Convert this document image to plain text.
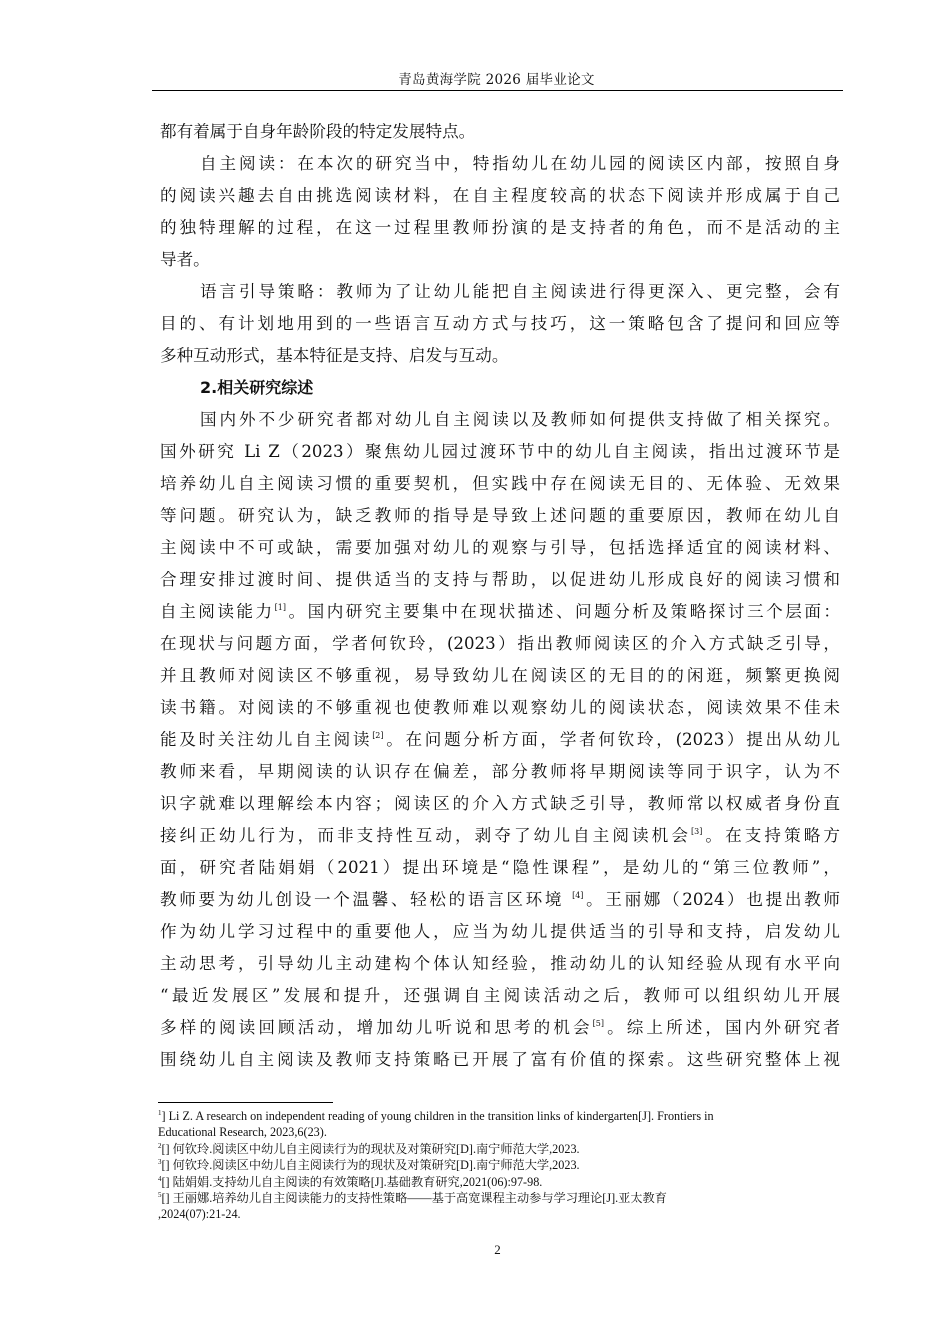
青岛黄海学院 2026 届毕业论文
都有着属于自身年龄阶段的特定发展特点。
自主阅读：在本次的研究当中，特指幼儿在幼儿园的阅读区内部，按照自身
的阅读兴趣去自由挑选阅读材料，在自主程度较高的状态下阅读并形成属于自己
的独特理解的过程，在这一过程里教师扮演的是支持者的角色，而不是活动的主
导者。
语言引导策略：教师为了让幼儿能把自主阅读进行得更深入、更完整，会有
目的、有计划地用到的一些语言互动方式与技巧，这一策略包含了提问和回应等
多种互动形式，基本特征是支持、启发与互动。
2.相关研究综述
国内外不少研究者都对幼儿自主阅读以及教师如何提供支持做了相关探究。
国外研究 Li Z（2023）聚焦幼儿园过渡环节中的幼儿自主阅读，指出过渡环节是
培养幼儿自主阅读习惯的重要契机，但实践中存在阅读无目的、无体验、无效果
等问题。研究认为，缺乏教师的指导是导致上述问题的重要原因，教师在幼儿自
主阅读中不可或缺，需要加强对幼儿的观察与引导，包括选择适宜的阅读材料、
合理安排过渡时间、提供适当的支持与帮助，以促进幼儿形成良好的阅读习惯和
自主阅读能力[1]。国内研究主要集中在现状描述、问题分析及策略探讨三个层面：
在现状与问题方面，学者何钦玲，(2023）指出教师阅读区的介入方式缺乏引导，
并且教师对阅读区不够重视，易导致幼儿在阅读区的无目的的闲逛，频繁更换阅
读书籍。对阅读的不够重视也使教师难以观察幼儿的阅读状态，阅读效果不佳未
能及时关注幼儿自主阅读[2]。在问题分析方面，学者何钦玲，(2023）提出从幼儿
教师来看，早期阅读的认识存在偏差，部分教师将早期阅读等同于识字，认为不
识字就难以理解绘本内容；阅读区的介入方式缺乏引导，教师常以权威者身份直
接纠正幼儿行为，而非支持性互动，剥夺了幼儿自主阅读机会[3]。在支持策略方
面，研究者陆娟娟（2021）提出环境是“隐性课程”，是幼儿的“第三位教师”，
教师要为幼儿创设一个温馨、轻松的语言区环境 [4]。王丽娜（2024）也提出教师
作为幼儿学习过程中的重要他人，应当为幼儿提供适当的引导和支持，启发幼儿
主动思考，引导幼儿主动建构个体认知经验，推动幼儿的认知经验从现有水平向
“最近发展区”发展和提升，还强调自主阅读活动之后，教师可以组织幼儿开展
多样的阅读回顾活动，增加幼儿听说和思考的机会[5]。综上所述，国内外研究者
围绕幼儿自主阅读及教师支持策略已开展了富有价值的探索。这些研究整体上视
$^1$] Li Z. A research on independent reading of young children in the transition links of kindergarten[J]. Frontiers in
Educational Research, 2023,6(23).
$^2$[] 何钦玲.阅读区中幼儿自主阅读行为的现状及对策研究[D].南宁师范大学,2023.
$^3$[] 何钦玲.阅读区中幼儿自主阅读行为的现状及对策研究[D].南宁师范大学,2023.
$^4$[] 陆娟娟.支持幼儿自主阅读的有效策略[J].基础教育研究,2021(06):97-98.
$^5$[] 王丽娜.培养幼儿自主阅读能力的支持性策略——基于高宽课程主动参与学习理论[J].亚太教育
,2024(07):21-24.
2
